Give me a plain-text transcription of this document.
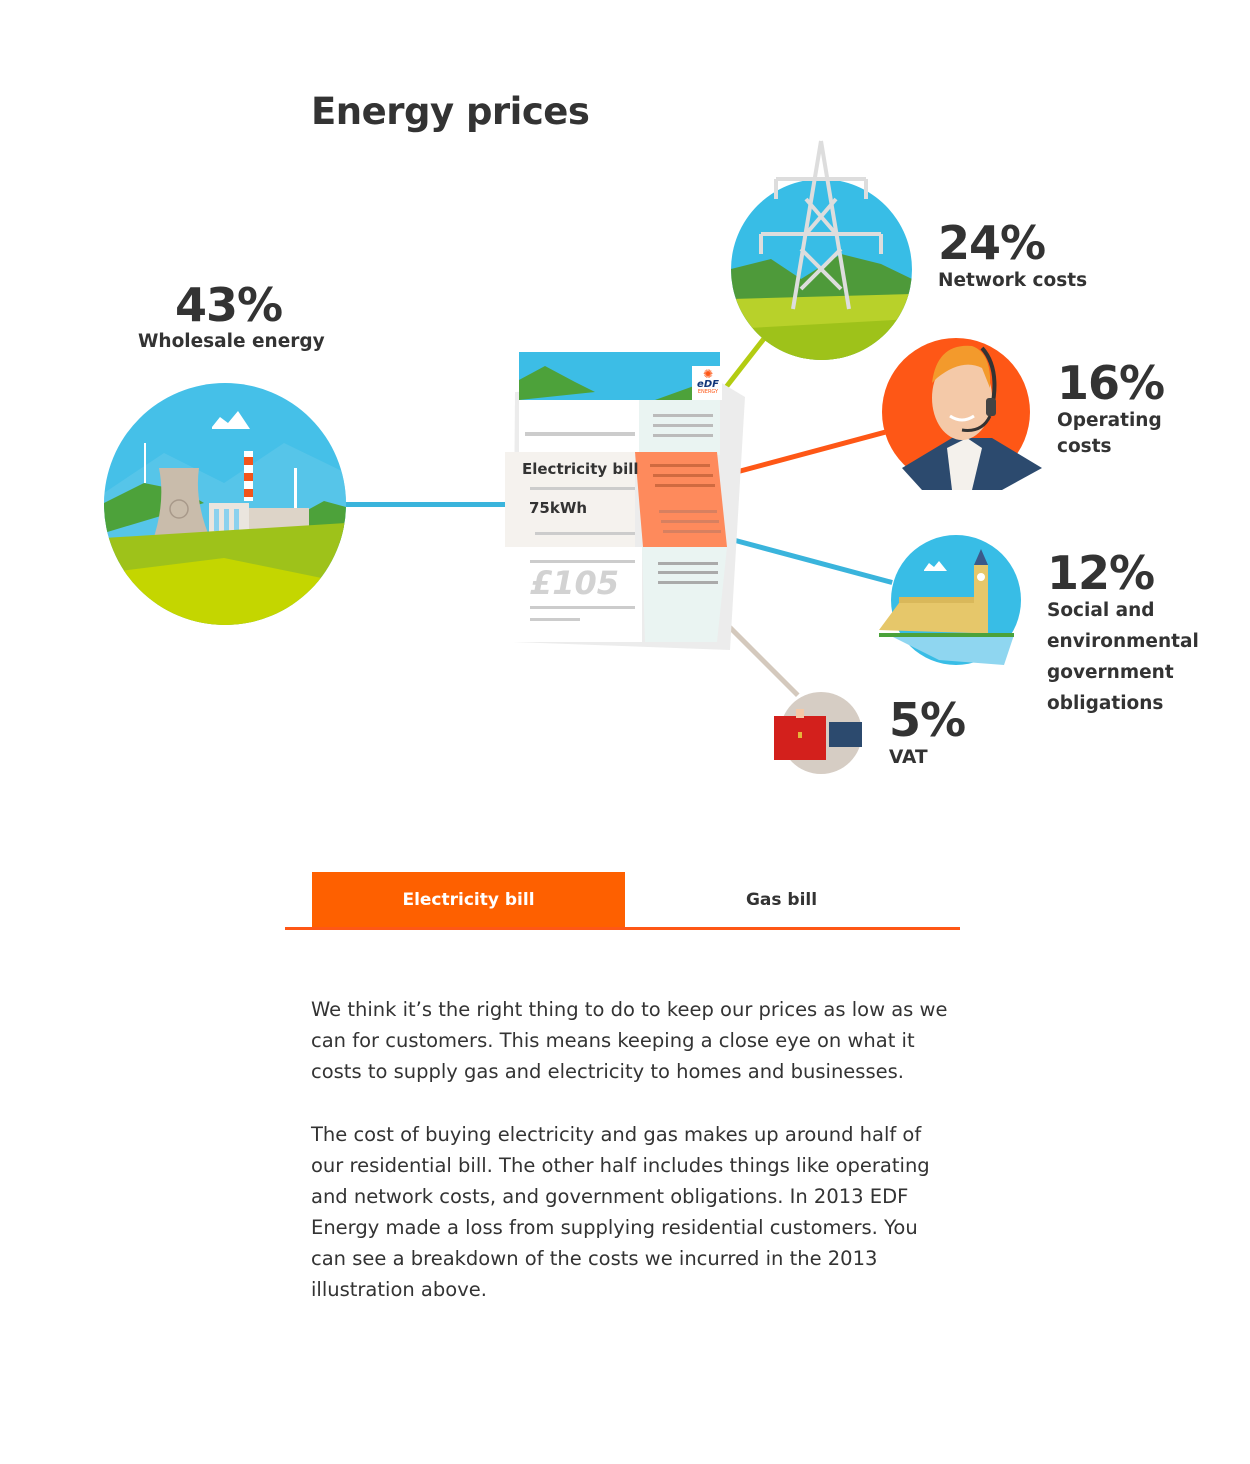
Energy prices
43%
Wholesale energy
✺
eDF
ENERGY
Electricity bill
75kWh
£105
24%
Network costs
16%
Operating
costs
12%
Social and
environmental
government
obligations
5%
VAT
Electricity bill	Gas bill

We think it’s the right thing to do to keep our prices as low as we can for customers. This means keeping a close eye on what it costs to supply gas and electricity to homes and businesses.

The cost of buying electricity and gas makes up around half of our residential bill. The other half includes things like operating and network costs, and government obligations. In 2013 EDF Energy made a loss from supplying residential customers. You can see a breakdown of the costs we incurred in the 2013 illustration above.
